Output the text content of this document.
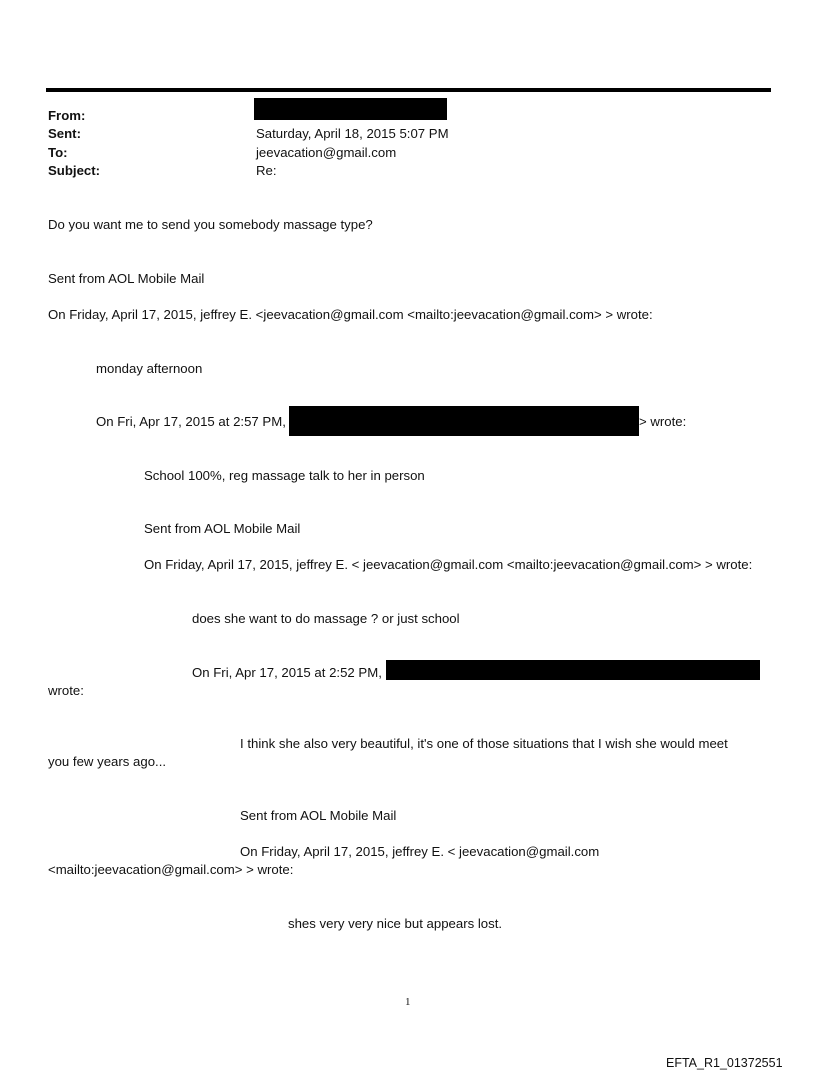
From:
Sent:
To:
Subject:
Saturday, April 18, 2015 5:07 PM
jeevacation@gmail.com
Re:
Do you want me to send you somebody massage type?
Sent from AOL Mobile Mail
On Friday, April 17, 2015, jeffrey E. <jeevacation@gmail.com <mailto:jeevacation@gmail.com> > wrote:
monday afternoon
On Fri, Apr 17, 2015 at 2:57 PM,	> wrote:
School 100%, reg massage talk to her in person
Sent from AOL Mobile Mail
On Friday, April 17, 2015, jeffrey E. < jeevacation@gmail.com <mailto:jeevacation@gmail.com> > wrote:
does she want to do massage ? or just school
On Fri, Apr 17, 2015 at 2:52 PM,
wrote:
I think she also very beautiful, it's one of those situations that I wish she would meet
you few years ago...
Sent from AOL Mobile Mail
On Friday, April 17, 2015, jeffrey E. < jeevacation@gmail.com
<mailto:jeevacation@gmail.com> > wrote:
shes very very nice but appears lost.
1
EFTA_R1_01372551
